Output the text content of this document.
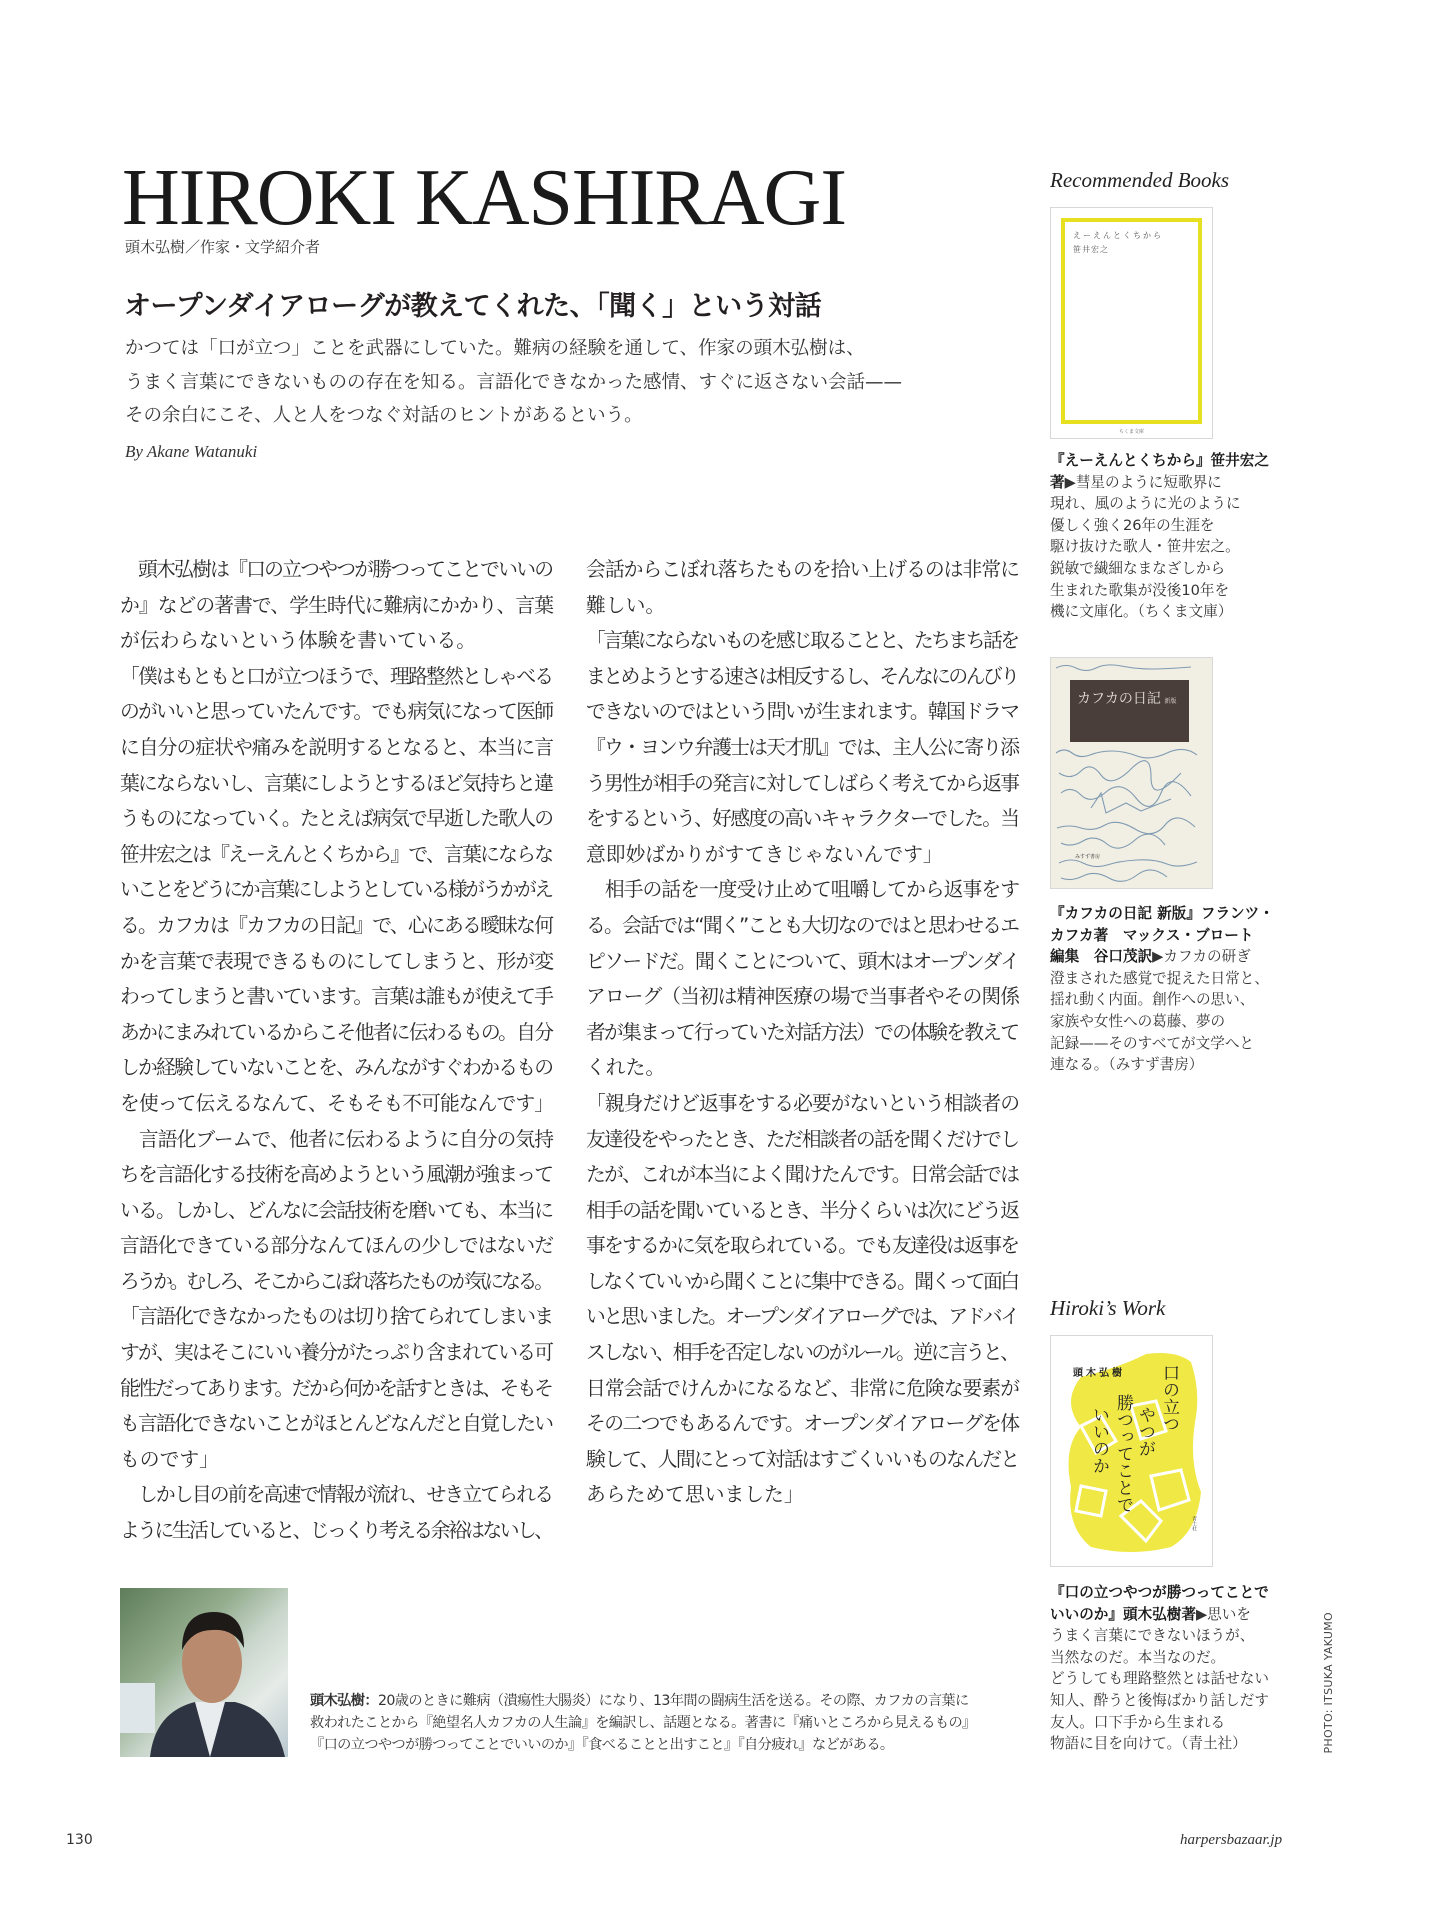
HIROKI KASHIRAGI
頭木弘樹／作家・文学紹介者
オープンダイアローグが教えてくれた、「聞く」という対話
かつては「口が立つ」ことを武器にしていた。難病の経験を通して、作家の頭木弘樹は、
うまく言葉にできないものの存在を知る。言語化できなかった感情、すぐに返さない会話——
その余白にこそ、人と人をつなぐ対話のヒントがあるという。
By Akane Watanuki
　頭木弘樹は『口の立つやつが勝つってことでいいの
か』などの著書で、学生時代に難病にかかり、言葉
が伝わらないという体験を書いている。
「僕はもともと口が立つほうで、理路整然としゃべる
のがいいと思っていたんです。でも病気になって医師
に自分の症状や痛みを説明するとなると、本当に言
葉にならないし、言葉にしようとするほど気持ちと違
うものになっていく。たとえば病気で早逝した歌人の
笹井宏之は『えーえんとくちから』で、言葉にならな
いことをどうにか言葉にしようとしている様がうかがえ
る。カフカは『カフカの日記』で、心にある曖昧な何
かを言葉で表現できるものにしてしまうと、形が変
わってしまうと書いています。言葉は誰もが使えて手
あかにまみれているからこそ他者に伝わるもの。自分
しか経験していないことを、みんながすぐわかるもの
を使って伝えるなんて、そもそも不可能なんです」
　言語化ブームで、他者に伝わるように自分の気持
ちを言語化する技術を高めようという風潮が強まって
いる。しかし、どんなに会話技術を磨いても、本当に
言語化できている部分なんてほんの少しではないだ
ろうか。むしろ、そこからこぼれ落ちたものが気になる。
「言語化できなかったものは切り捨てられてしまいま
すが、実はそこにいい養分がたっぷり含まれている可
能性だってあります。だから何かを話すときは、そもそ
も言語化できないことがほとんどなんだと自覚したい
ものです」
　しかし目の前を高速で情報が流れ、せき立てられる
ように生活していると、じっくり考える余裕はないし、
会話からこぼれ落ちたものを拾い上げるのは非常に
難しい。
「言葉にならないものを感じ取ることと、たちまち話を
まとめようとする速さは相反するし、そんなにのんびり
できないのではという問いが生まれます。韓国ドラマ
『ウ・ヨンウ弁護士は天才肌』では、主人公に寄り添
う男性が相手の発言に対してしばらく考えてから返事
をするという、好感度の高いキャラクターでした。当
意即妙ばかりがすてきじゃないんです」
　相手の話を一度受け止めて咀嚼してから返事をす
る。会話では“聞く”ことも大切なのではと思わせるエ
ピソードだ。聞くことについて、頭木はオープンダイ
アローグ（当初は精神医療の場で当事者やその関係
者が集まって行っていた対話方法）での体験を教えて
くれた。
「親身だけど返事をする必要がないという相談者の
友達役をやったとき、ただ相談者の話を聞くだけでし
たが、これが本当によく聞けたんです。日常会話では
相手の話を聞いているとき、半分くらいは次にどう返
事をするかに気を取られている。でも友達役は返事を
しなくていいから聞くことに集中できる。聞くって面白
いと思いました。オープンダイアローグでは、アドバイ
スしない、相手を否定しないのがルール。逆に言うと、
日常会話でけんかになるなど、非常に危険な要素が
その二つでもあるんです。オープンダイアローグを体
験して、人間にとって対話はすごくいいものなんだと
あらためて思いました」
Recommended Books
えーえんとくちから
笹井宏之
ちくま文庫
『えーえんとくちから』笹井宏之
著▶彗星のように短歌界に
現れ、風のように光のように
優しく強く26年の生涯を
駆け抜けた歌人・笹井宏之。
鋭敏で繊細なまなざしから
生まれた歌集が没後10年を
機に文庫化。（ちくま文庫）
カフカの日記 新版
みすず書房
『カフカの日記 新版』フランツ・
カフカ著　マックス・ブロート
編集　谷口茂訳▶カフカの研ぎ
澄まされた感覚で捉えた日常と、
揺れ動く内面。創作への思い、
家族や女性への葛藤、夢の
記録——そのすべてが文学へと
連なる。（みすず書房）
Hiroki’s Work
頭木弘樹 口の立つ
やつが
勝つってことで
いいのか
青土社
『口の立つやつが勝つってことで
いいのか』頭木弘樹著▶思いを
うまく言葉にできないほうが、
当然なのだ。本当なのだ。
どうしても理路整然とは話せない
知人、酔うと後悔ばかり話しだす
友人。口下手から生まれる
物語に目を向けて。（青土社）
頭木弘樹：20歳のときに難病（潰瘍性大腸炎）になり、13年間の闘病生活を送る。その際、カフカの言葉に
救われたことから『絶望名人カフカの人生論』を編訳し、話題となる。著書に『痛いところから見えるもの』
『口の立つやつが勝つってことでいいのか』『食べることと出すこと』『自分疲れ』などがある。	PHOTO: ITSUKA YAKUMO
130	harpersbazaar.jp
